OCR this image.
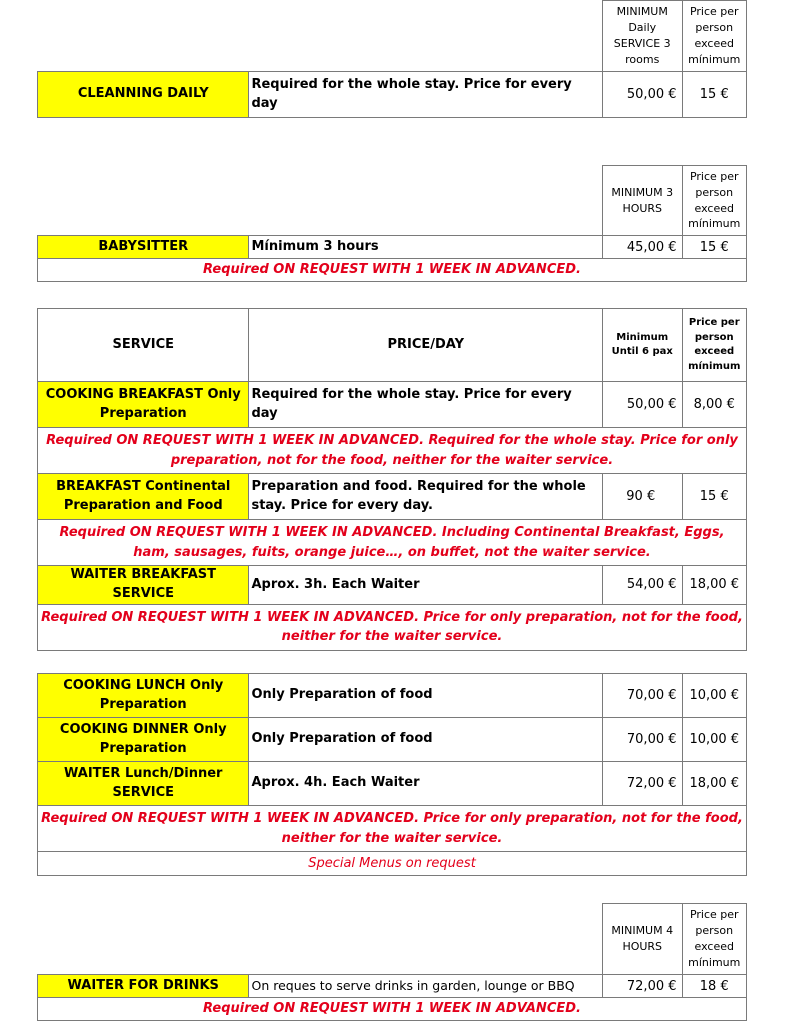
		MINIMUM Daily SERVICE 3 rooms	Price per person exceed mínimum
CLEANNING DAILY	Required for the whole stay. Price for every day	50,00 €	15 €
		MINIMUM 3 HOURS	Price per person exceed mínimum
BABYSITTER	Mínimum 3 hours	45,00 €	15 €
Required ON REQUEST WITH 1 WEEK IN ADVANCED.			
SERVICE	PRICE/DAY	Minimum Until 6 pax	Price per person exceed mínimum
COOKING BREAKFAST Only Preparation	Required for the whole stay. Price for every day	50,00 €	8,00 €
Required ON REQUEST WITH 1 WEEK IN ADVANCED. Required for the whole stay. Price for only preparation, not for the food, neither for the waiter service.			
BREAKFAST Continental Preparation and Food	Preparation and food. Required for the whole stay. Price for every day.	90 €	15 €
Required ON REQUEST WITH 1 WEEK IN ADVANCED. Including Continental Breakfast, Eggs, ham, sausages, fuits, orange juice…, on buffet, not the waiter service.			
WAITER BREAKFAST SERVICE	Aprox. 3h. Each Waiter	54,00 €	18,00 €
Required ON REQUEST WITH 1 WEEK IN ADVANCED. Price for only preparation, not for the food, neither for the waiter service.			
COOKING LUNCH Only Preparation	Only Preparation of food	70,00 €	10,00 €
COOKING DINNER Only Preparation	Only Preparation of food	70,00 €	10,00 €
WAITER Lunch/Dinner SERVICE	Aprox. 4h. Each Waiter	72,00 €	18,00 €
Required ON REQUEST WITH 1 WEEK IN ADVANCED. Price for only preparation, not for the food, neither for the waiter service.			
Special Menus on request			
		MINIMUM 4 HOURS	Price per person exceed mínimum
WAITER FOR DRINKS	On reques to serve drinks in garden, lounge or BBQ	72,00 €	18 €
Required ON REQUEST WITH 1 WEEK IN ADVANCED.			
